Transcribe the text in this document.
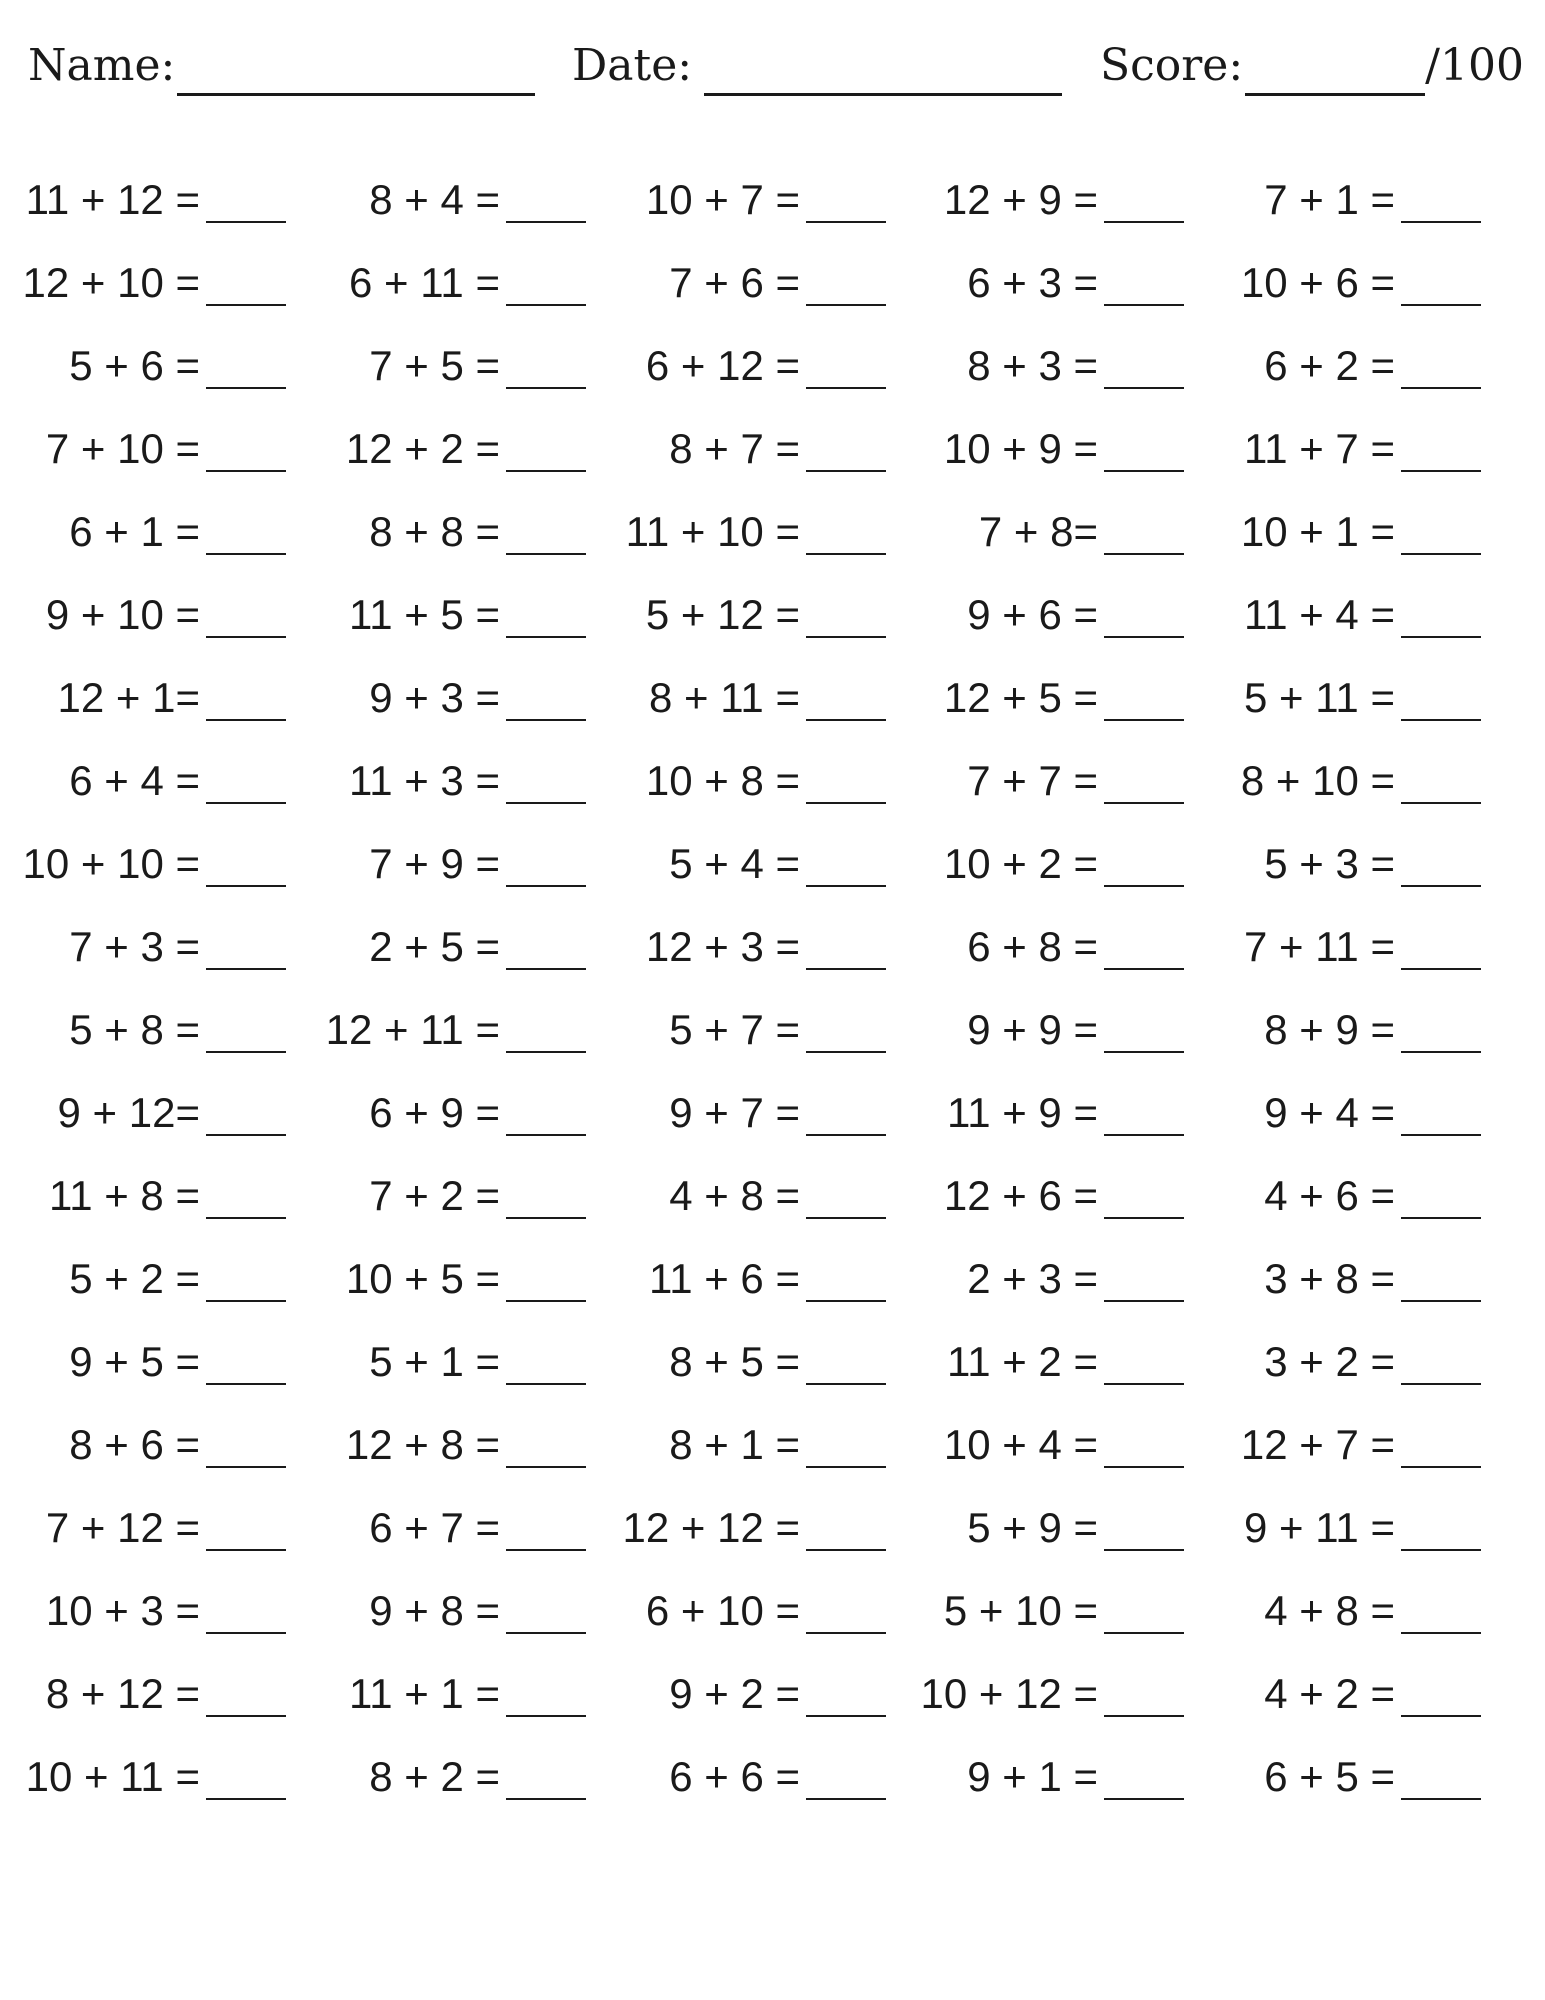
Name:	Date:	Score:	/100
11 + 12 =	8 + 4 =	10 + 7 =	12 + 9 =	7 + 1 =
12 + 10 =	6 + 11 =	7 + 6 =	6 + 3 =	10 + 6 =
5 + 6 =	7 + 5 =	6 + 12 =	8 + 3 =	6 + 2 =
7 + 10 =	12 + 2 =	8 + 7 =	10 + 9 =	11 + 7 =
6 + 1 =	8 + 8 =	11 + 10 =	7 + 8=	10 + 1 =
9 + 10 =	11 + 5 =	5 + 12 =	9 + 6 =	11 + 4 =
12 + 1=	9 + 3 =	8 + 11 =	12 + 5 =	5 + 11 =
6 + 4 =	11 + 3 =	10 + 8 =	7 + 7 =	8 + 10 =
10 + 10 =	7 + 9 =	5 + 4 =	10 + 2 =	5 + 3 =
7 + 3 =	2 + 5 =	12 + 3 =	6 + 8 =	7 + 11 =
5 + 8 =	12 + 11 =	5 + 7 =	9 + 9 =	8 + 9 =
9 + 12=	6 + 9 =	9 + 7 =	11 + 9 =	9 + 4 =
11 + 8 =	7 + 2 =	4 + 8 =	12 + 6 =	4 + 6 =
5 + 2 =	10 + 5 =	11 + 6 =	2 + 3 =	3 + 8 =
9 + 5 =	5 + 1 =	8 + 5 =	11 + 2 =	3 + 2 =
8 + 6 =	12 + 8 =	8 + 1 =	10 + 4 =	12 + 7 =
7 + 12 =	6 + 7 =	12 + 12 =	5 + 9 =	9 + 11 =
10 + 3 =	9 + 8 =	6 + 10 =	5 + 10 =	4 + 8 =
8 + 12 =	11 + 1 =	9 + 2 =	10 + 12 =	4 + 2 =
10 + 11 =	8 + 2 =	6 + 6 =	9 + 1 =	6 + 5 =
